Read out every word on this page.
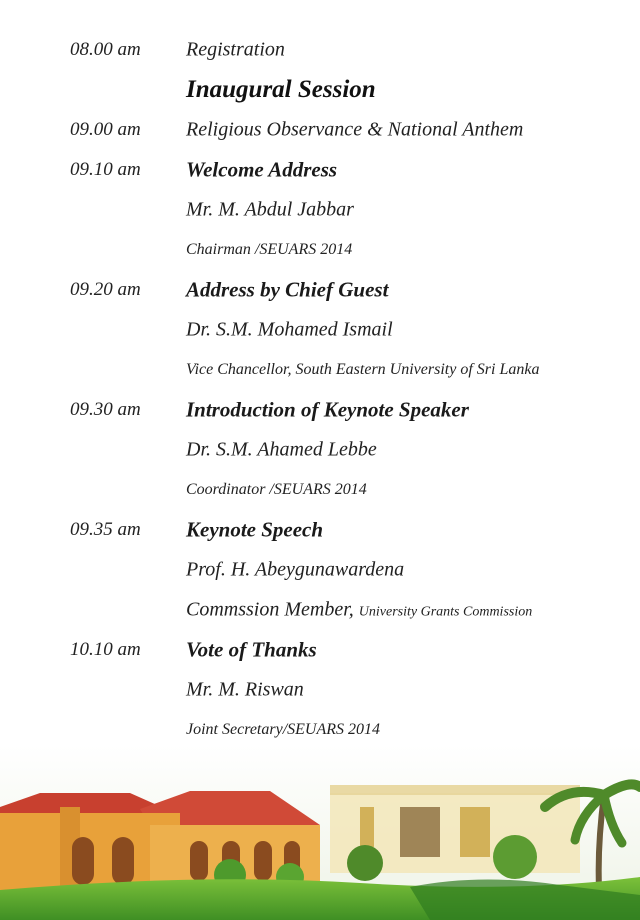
08.00 am Registration
Inaugural Session
09.00 am Religious Observance & National Anthem
09.10 am Welcome Address
Mr. M. Abdul Jabbar
Chairman /SEUARS 2014
09.20 am Address by Chief Guest
Dr. S.M. Mohamed Ismail
Vice Chancellor, South Eastern University of Sri Lanka
09.30 am Introduction of Keynote Speaker
Dr. S.M. Ahamed Lebbe
Coordinator /SEUARS 2014
09.35 am Keynote Speech
Prof. H. Abeygunawardena
Commssion Member, University Grants Commission
10.10 am Vote of Thanks
Mr. M. Riswan
Joint Secretary/SEUARS 2014
